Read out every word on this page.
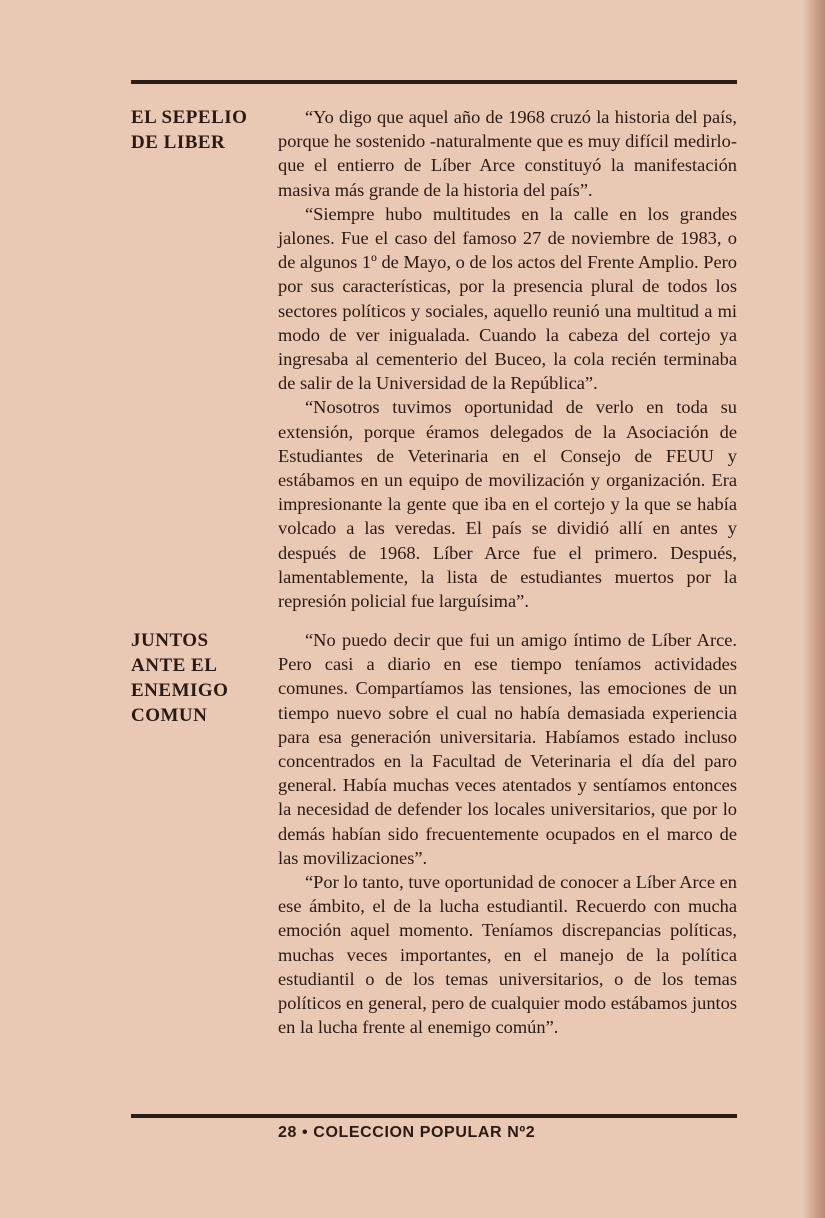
EL SEPELIO
DE LIBER

“Yo digo que aquel año de 1968 cruzó la historia del país, porque he sostenido -naturalmente que es muy difícil medirlo- que el entierro de Líber Arce constituyó la manifestación masiva más grande de la historia del país”.

“Siempre hubo multitudes en la calle en los grandes jalones. Fue el caso del famoso 27 de noviembre de 1983, o de algunos 1º de Mayo, o de los actos del Frente Amplio. Pero por sus características, por la presencia plural de todos los sectores políticos y sociales, aquello reunió una multitud a mi modo de ver inigualada. Cuando la cabeza del cortejo ya ingresaba al cementerio del Buceo, la cola recién terminaba de salir de la Universidad de la República”.

“Nosotros tuvimos oportunidad de verlo en toda su extensión, porque éramos delegados de la Asociación de Estudiantes de Veterinaria en el Consejo de FEUU y estábamos en un equipo de movilización y organización. Era impresionante la gente que iba en el cortejo y la que se había volcado a las veredas. El país se dividió allí en antes y después de 1968. Líber Arce fue el primero. Después, lamentablemente, la lista de estudiantes muertos por la represión policial fue larguísima”.

JUNTOS
ANTE EL
ENEMIGO
COMUN

“No puedo decir que fui un amigo íntimo de Líber Arce. Pero casi a diario en ese tiempo teníamos actividades comunes. Compartíamos las tensiones, las emociones de un tiempo nuevo sobre el cual no había demasiada experiencia para esa generación universitaria. Habíamos estado incluso concentrados en la Facultad de Veterinaria el día del paro general. Había muchas veces atentados y sentíamos entonces la necesidad de defender los locales universitarios, que por lo demás habían sido frecuentemente ocupados en el marco de las movilizaciones”.

“Por lo tanto, tuve oportunidad de conocer a Líber Arce en ese ámbito, el de la lucha estudiantil. Recuerdo con mucha emoción aquel momento. Teníamos discrepancias políticas, muchas veces importantes, en el manejo de la política estudiantil o de los temas universitarios, o de los temas políticos en general, pero de cualquier modo estábamos juntos en la lucha frente al enemigo común”.

28 • COLECCION POPULAR Nº2
